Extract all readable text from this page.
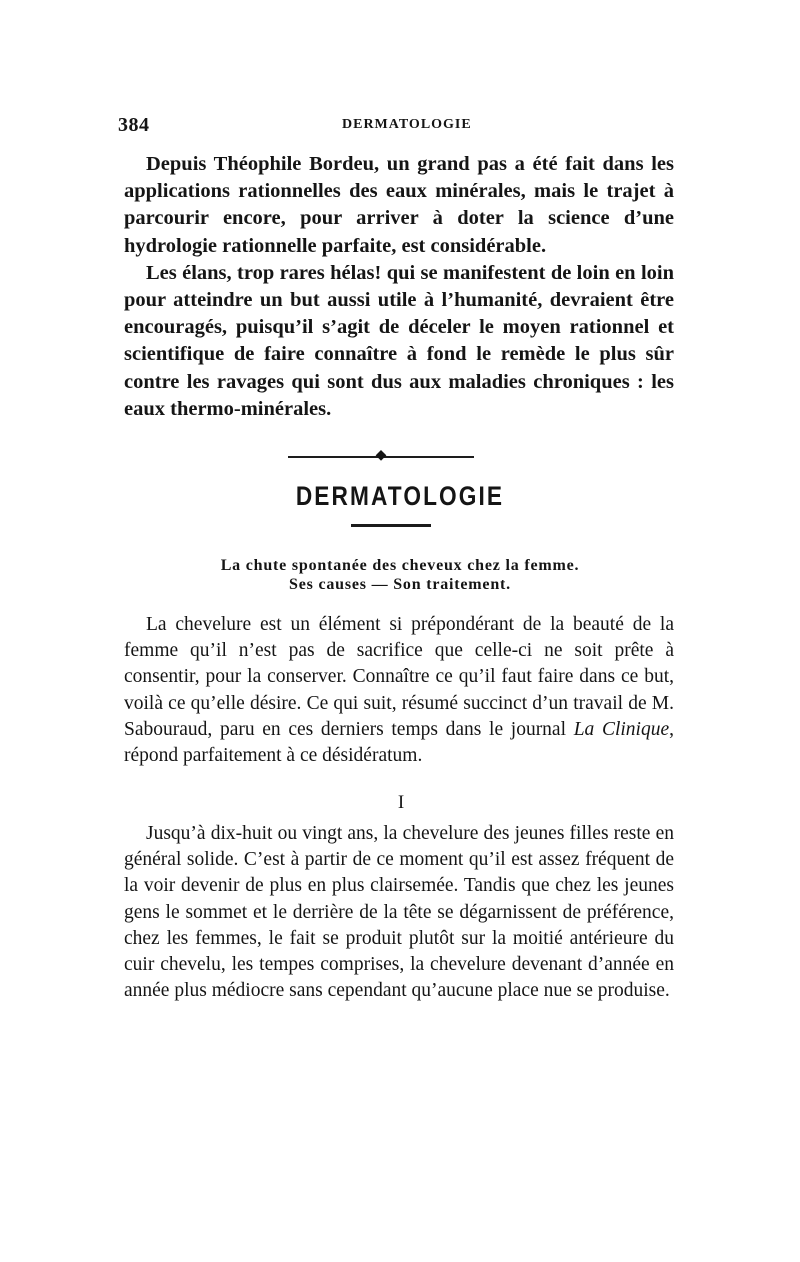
384	DERMATOLOGIE

Depuis Théophile Bordeu, un grand pas a été fait dans les applications rationnelles des eaux minérales, mais le trajet à parcourir encore, pour arriver à doter la science d’une hydrologie rationnelle parfaite, est considérable.

Les élans, trop rares hélas! qui se manifestent de loin en loin pour atteindre un but aussi utile à l’humanité, devraient être encouragés, puisqu’il s’agit de déceler le moyen rationnel et scientifique de faire connaître à fond le remède le plus sûr contre les ravages qui sont dus aux maladies chroniques : les eaux thermo-minérales.

◆
DERMATOLOGIE
La chute spontanée des cheveux chez la femme.
Ses causes — Son traitement.

La chevelure est un élément si prépondérant de la beauté de la femme qu’il n’est pas de sacrifice que celle-ci ne soit prête à consentir, pour la conserver. Connaître ce qu’il faut faire dans ce but, voilà ce qu’elle désire. Ce qui suit, résumé succinct d’un travail de M. Sabouraud, paru en ces derniers temps dans le journal La Clinique, répond parfaitement à ce désidératum.

I

Jusqu’à dix-huit ou vingt ans, la chevelure des jeunes filles reste en général solide. C’est à partir de ce moment qu’il est assez fréquent de la voir devenir de plus en plus clairsemée. Tandis que chez les jeunes gens le sommet et le derrière de la tête se dégarnissent de préférence, chez les femmes, le fait se produit plutôt sur la moitié antérieure du cuir chevelu, les tempes comprises, la chevelure devenant d’année en année plus médiocre sans cependant qu’aucune place nue se produise.
